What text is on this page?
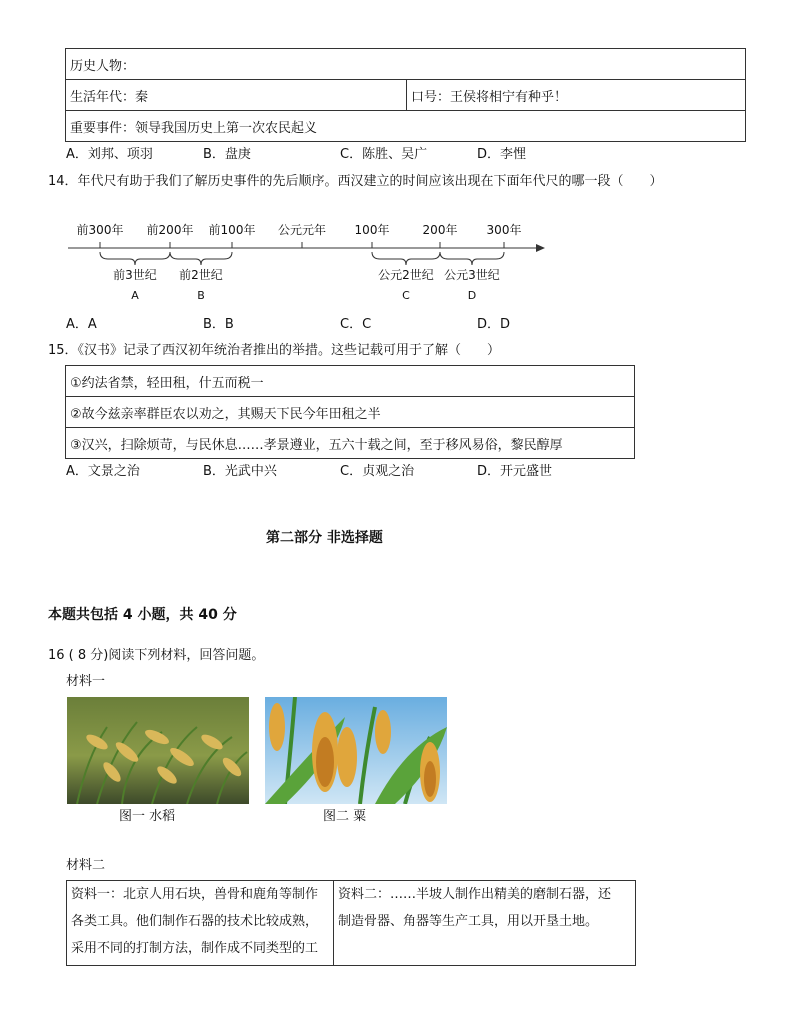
历史人物：
生活年代：秦	口号：王侯将相宁有种乎！
重要事件：领导我国历史上第一次农民起义
A．刘邦、项羽	B．盘庚	C．陈胜、吴广	D．李悝
14．年代尺有助于我们了解历史事件的先后顺序。西汉建立的时间应该出现在下面年代尺的哪一段（　　）
前300年 前200年 前100年 公元元年 100年	200年 300年
前3世纪
A
前2世纪
B
公元2世纪
C
公元3世纪
D
A．A	B．B	C．C	D．D
15．《汉书》记录了西汉初年统治者推出的举措。这些记载可用于了解（　　）
①约法省禁，轻田租，什五而税一
②故今兹亲率群臣农以劝之，其赐天下民今年田租之半
③汉兴，扫除烦苛，与民休息……孝景遵业，五六十载之间，至于移风易俗，黎民醇厚
A．文景之治	B．光武中兴	C．贞观之治	D．开元盛世
第二部分 非选择题
本题共包括 4 小题，共 40 分
16 ( 8 分)阅读下列材料，回答问题。
材料一
图一 水稻	图二 粟
材料二
资料一：北京人用石块，兽骨和鹿角等制作
各类工具。他们制作石器的技术比较成熟，
采用不同的打制方法，制作成不同类型的工

资料二：……半坡人制作出精美的磨制石器，还
制造骨器、角器等生产工具，用以开垦土地。
